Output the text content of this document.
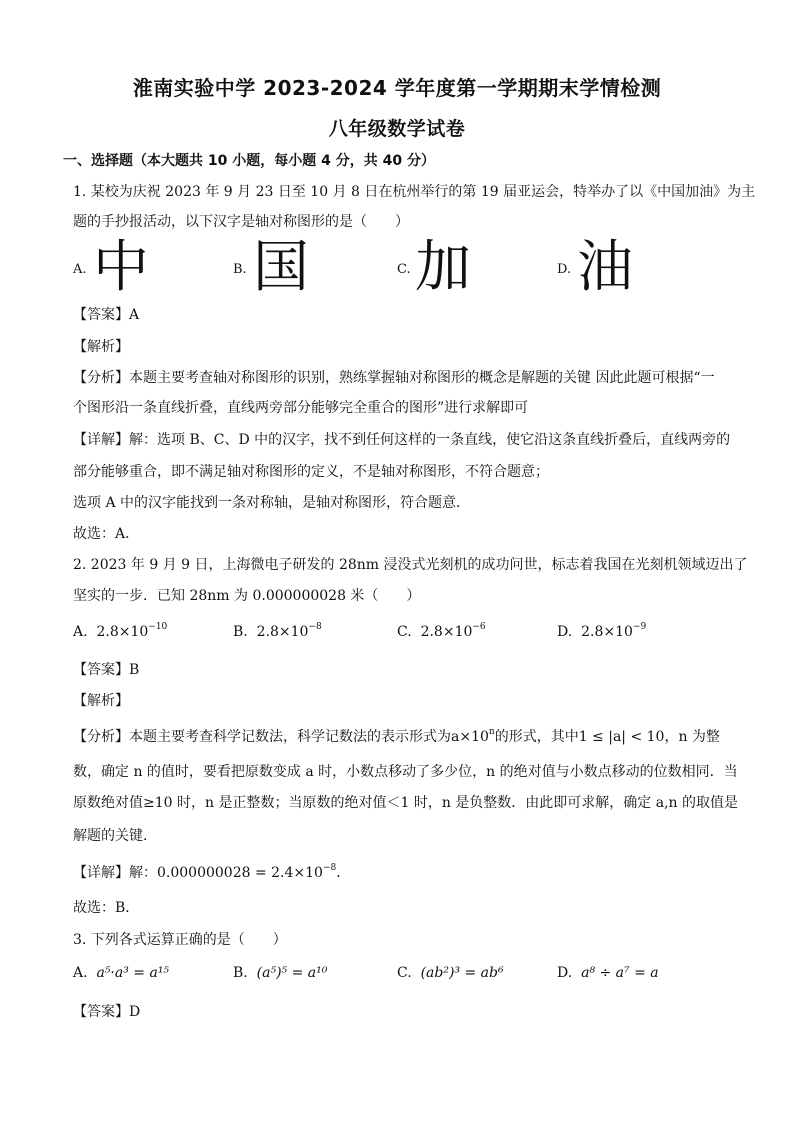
淮南实验中学 2023-2024 学年度第一学期期末学情检测
八年级数学试卷
一、选择题（本大题共 10 小题，每小题 4 分，共 40 分）
1. 某校为庆祝 2023 年 9 月 23 日至 10 月 8 日在杭州举行的第 19 届亚运会，特举办了以《中国加油》为主
题的手抄报活动，以下汉字是轴对称图形的是（　　）
A. 中	B. 国	C. 加	D. 油
【答案】A
【解析】
【分析】本题主要考查轴对称图形的识别，熟练掌握轴对称图形的概念是解题的关键 因此此题可根据“一
个图形沿一条直线折叠，直线两旁部分能够完全重合的图形”进行求解即可
【详解】解：选项 B、C、D 中的汉字，找不到任何这样的一条直线，使它沿这条直线折叠后，直线两旁的
部分能够重合，即不满足轴对称图形的定义，不是轴对称图形，不符合题意；
选项 A 中的汉字能找到一条对称轴，是轴对称图形，符合题意．
故选：A．
2. 2023 年 9 月 9 日，上海微电子研发的 28nm 浸没式光刻机的成功问世，标志着我国在光刻机领域迈出了
坚实的一步．已知 28nm 为 0.000000028 米（　　）
A. $2.8\times 10^{-10}$	B. $2.8\times 10^{-8}$	C. $2.8\times 10^{-6}$	D. $2.8\times 10^{-9}$
【答案】B
【解析】
【分析】本题主要考查科学记数法，科学记数法的表示形式为$a\times 10^n$的形式，其中1 ≤ |a| < 10，n 为整
数，确定 n 的值时，要看把原数变成 a 时，小数点移动了多少位，n 的绝对值与小数点移动的位数相同．当
原数绝对值≥10 时，n 是正整数；当原数的绝对值＜1 时，n 是负整数．由此即可求解，确定 a,n 的取值是
解题的关键．
【详解】解：$0.000000028 = 2.4\times 10^{-8}$．
故选：B．
3. 下列各式运算正确的是（　　）
A. a⁵·a³ = a¹⁵	B. (a⁵)⁵ = a¹⁰	C. (ab²)³ = ab⁶	D. a⁸ ÷ a⁷ = a
【答案】D
